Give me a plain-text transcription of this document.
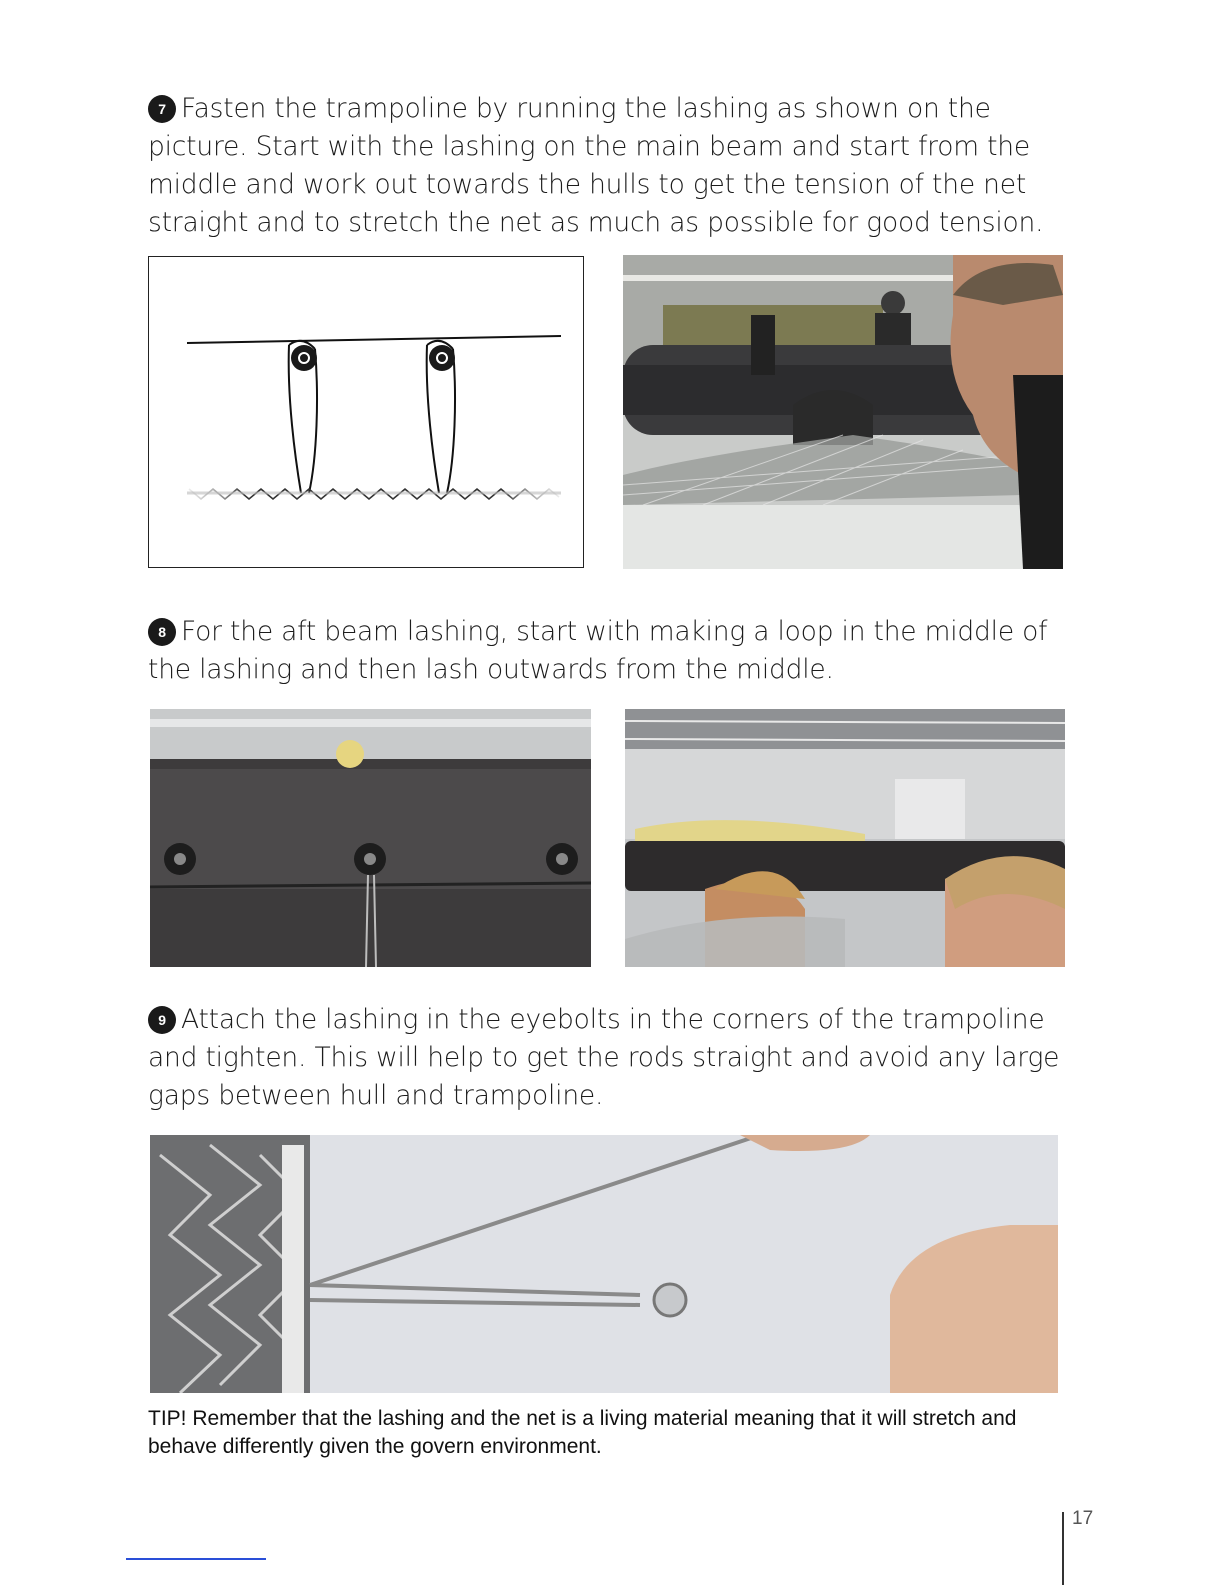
7 Fasten the trampoline by running the lashing as shown on the picture. Start with the lashing on the main beam and start from the middle and work out towards the hulls to get the tension of the net straight and to stretch the net as much as possible for good tension.
8 For the aft beam lashing, start with making a loop in the middle of the lashing and then lash outwards from the middle.
9 Attach the lashing in the eyebolts in the corners of the trampoline and tighten. This will help to get the rods straight and avoid any large gaps between hull and trampoline.
TIP! Remember that the lashing and the net is a living material meaning that it will stretch and behave differently given the govern environment.
17
